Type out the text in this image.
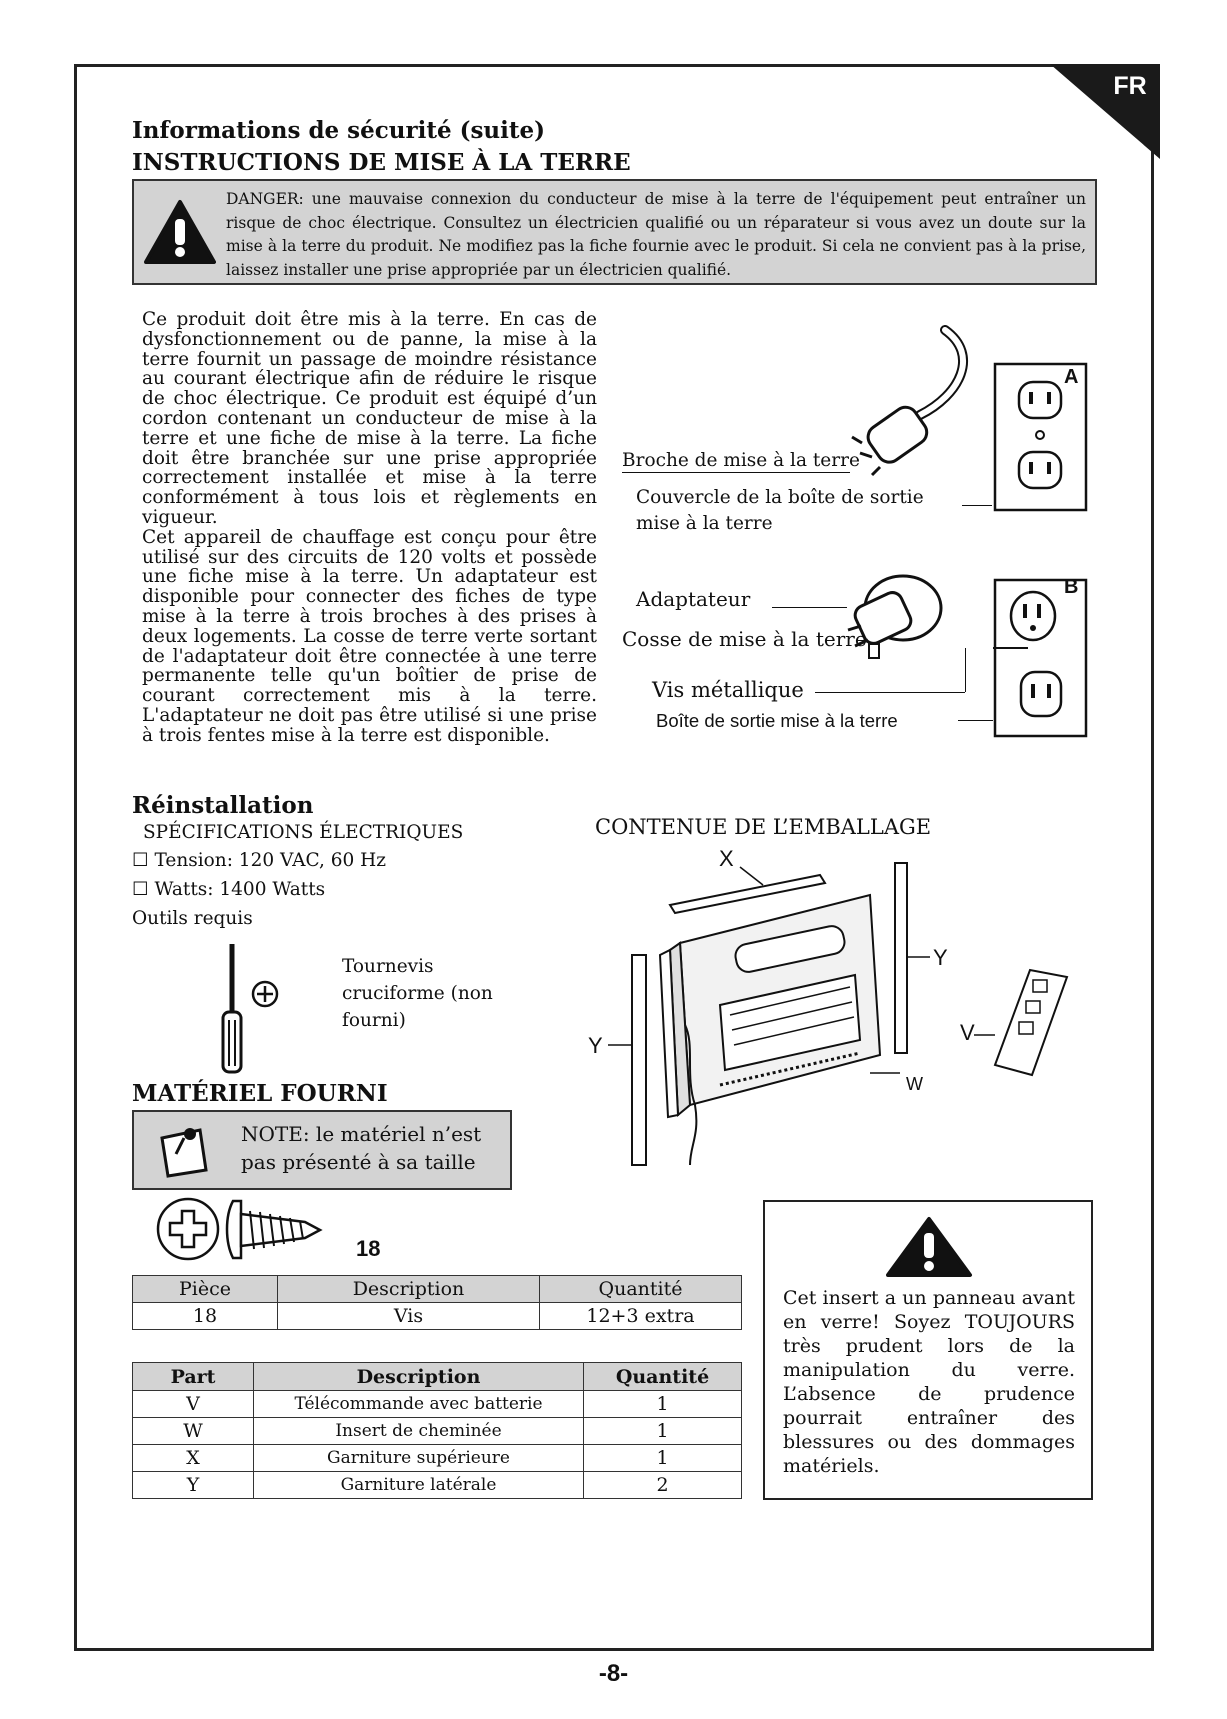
FR
Informations de sécurité (suite)
INSTRUCTIONS DE MISE À LA TERRE
DANGER: une mauvaise connexion du conducteur de mise à la terre de l'équipement peut entraîner un risque de choc électrique. Consultez un électricien qualifié ou un réparateur si vous avez un doute sur la mise à la terre du produit. Ne modifiez pas la fiche fournie avec le produit. Si cela ne convient pas à la prise, laissez installer une prise appropriée par un électricien qualifié.
Ce produit doit être mis à la terre. En cas de dysfonctionnement ou de panne, la mise à la terre fournit un passage de moindre résistance au courant électrique afin de réduire le risque de choc électrique. Ce produit est équipé d’un cordon contenant un conducteur de mise à la terre et une fiche de mise à la terre. La fiche doit être branchée sur une prise appropriée correctement installée et mise à la terre conformément à tous lois et règlements en vigueur.
Cet appareil de chauffage est conçu pour être utilisé sur des circuits de 120 volts et possède une fiche mise à la terre. Un adaptateur est disponible pour connecter des fiches de type mise à la terre à trois broches à des prises à deux logements. La cosse de terre verte sortant de l'adaptateur doit être connectée à une terre permanente telle qu'un boîtier de prise de courant correctement mis à la terre. L'adaptateur ne doit pas être utilisé si une prise à trois fentes mise à la terre est disponible.
A
Broche de mise à la terre
Couvercle de la boîte de sortie
mise à la terre
B
Adaptateur
Cosse de mise à la terre
Vis métallique
Boîte de sortie mise à la terre
Réinstallation
SPÉCIFICATIONS ÉLECTRIQUES
☐ Tension: 120 VAC, 60 Hz
☐ Watts: 1400 Watts
Outils requis
Tournevis
cruciforme (non
fourni)
CONTENUE DE L’EMBALLAGE
X
Y
Y
V
W
MATÉRIEL FOURNI
NOTE: le matériel n’est
pas présenté à sa taille
18
Pièce	Description	Quantité
18	Vis	12+3 extra
Part	Description	Quantité
V	Télécommande avec batterie	1
W	Insert de cheminée	1
X	Garniture supérieure	1
Y	Garniture latérale	2
Cet insert a un panneau avant en verre! Soyez TOUJOURS très prudent lors de la manipulation du verre. L’absence de prudence pourrait entraîner des blessures ou des dommages matériels.
-8-
